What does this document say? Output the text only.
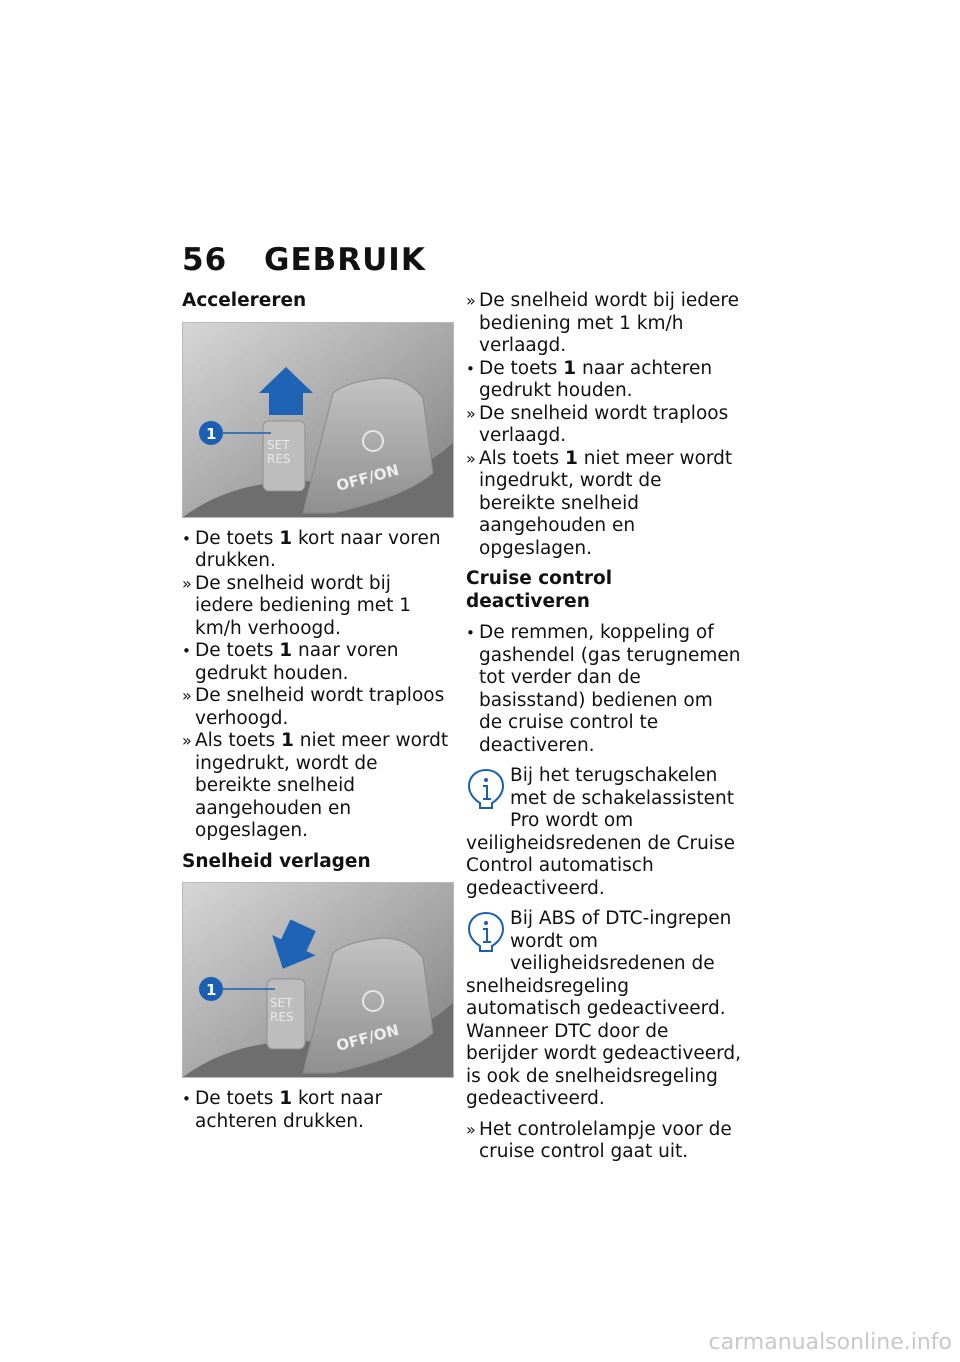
56 GEBRUIK
Accelereren
SET
RES
OFF/ON
1
• De toets 1 kort naar voren drukken.
» De snelheid wordt bij iedere bediening met 1 km/h verhoogd.
• De toets 1 naar voren gedrukt houden.
» De snelheid wordt traploos verhoogd.
» Als toets 1 niet meer wordt ingedrukt, wordt de bereikte snelheid aangehouden en opgeslagen.
Snelheid verlagen
SET
RES
OFF/ON
1
• De toets 1 kort naar achteren drukken.
» De snelheid wordt bij iedere bediening met 1 km/h verlaagd.
• De toets 1 naar achteren gedrukt houden.
» De snelheid wordt traploos verlaagd.
» Als toets 1 niet meer wordt ingedrukt, wordt de bereikte snelheid aangehouden en opgeslagen.
Cruise control deactiveren
• De remmen, koppeling of gashendel (gas terugnemen tot verder dan de basisstand) bedienen om de cruise control te deactiveren.
Bij het terugschakelen met de schakelassistent Pro wordt om veiligheidsredenen de Cruise Control automatisch gedeactiveerd.
Bij ABS of DTC-ingrepen wordt om veiligheidsredenen de snelheidsregeling automatisch gedeactiveerd. Wanneer DTC door de berijder wordt gedeactiveerd, is ook de snelheidsregeling gedeactiveerd.
» Het controlelampje voor de cruise control gaat uit.
carmanualsonline.info
